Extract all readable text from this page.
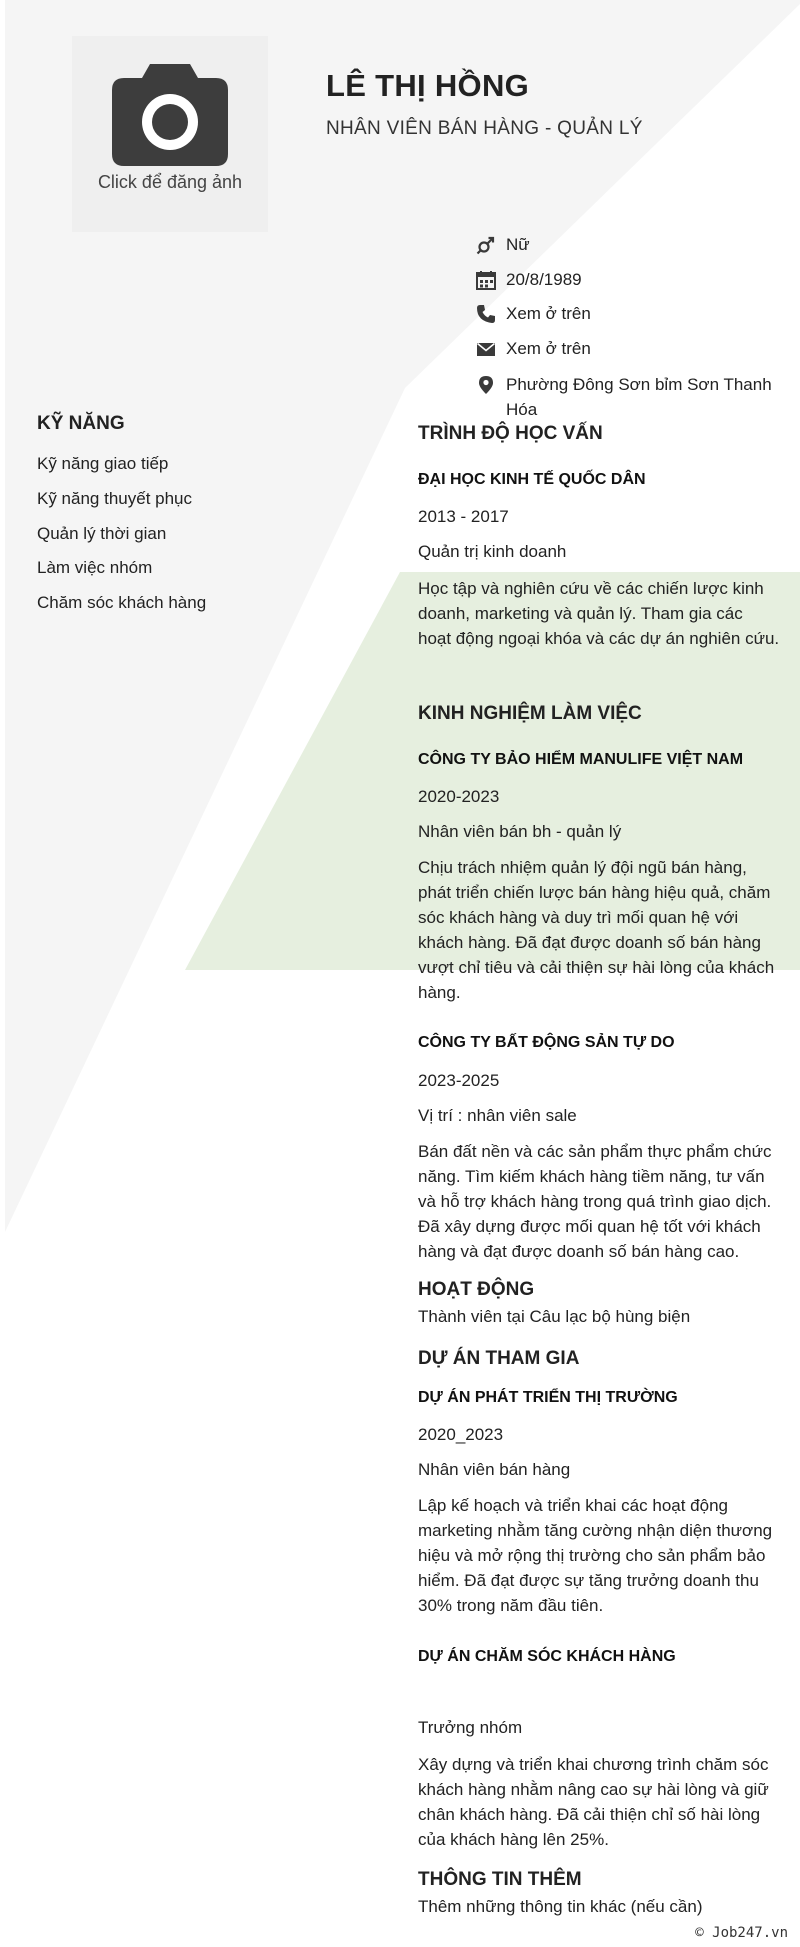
Click để đăng ảnh
LÊ THỊ HỒNG
NHÂN VIÊN BÁN HÀNG - QUẢN LÝ
Nữ
20/8/1989
Xem ở trên
Xem ở trên
Phường Đông Sơn bỉm Sơn Thanh Hóa
KỸ NĂNG
Kỹ năng giao tiếp
Kỹ năng thuyết phục
Quản lý thời gian
Làm việc nhóm
Chăm sóc khách hàng
TRÌNH ĐỘ HỌC VẤN
ĐẠI HỌC KINH TẾ QUỐC DÂN
2013 - 2017
Quản trị kinh doanh
Học tập và nghiên cứu về các chiến lược kinh doanh, marketing và quản lý. Tham gia các hoạt động ngoại khóa và các dự án nghiên cứu.
KINH NGHIỆM LÀM VIỆC
CÔNG TY BẢO HIỂM MANULIFE VIỆT NAM
2020-2023
Nhân viên bán bh - quản lý
Chịu trách nhiệm quản lý đội ngũ bán hàng, phát triển chiến lược bán hàng hiệu quả, chăm sóc khách hàng và duy trì mối quan hệ với khách hàng. Đã đạt được doanh số bán hàng vượt chỉ tiêu và cải thiện sự hài lòng của khách hàng.
CÔNG TY BẤT ĐỘNG SẢN TỰ DO
2023-2025
Vị trí : nhân viên sale
Bán đất nền và các sản phẩm thực phẩm chức năng. Tìm kiếm khách hàng tiềm năng, tư vấn và hỗ trợ khách hàng trong quá trình giao dịch. Đã xây dựng được mối quan hệ tốt với khách hàng và đạt được doanh số bán hàng cao.
HOẠT ĐỘNG
Thành viên tại Câu lạc bộ hùng biện
DỰ ÁN THAM GIA
DỰ ÁN PHÁT TRIỂN THỊ TRƯỜNG
2020_2023
Nhân viên bán hàng
Lập kế hoạch và triển khai các hoạt động marketing nhằm tăng cường nhận diện thương hiệu và mở rộng thị trường cho sản phẩm bảo hiểm. Đã đạt được sự tăng trưởng doanh thu 30% trong năm đầu tiên.
DỰ ÁN CHĂM SÓC KHÁCH HÀNG
Trưởng nhóm
Xây dựng và triển khai chương trình chăm sóc khách hàng nhằm nâng cao sự hài lòng và giữ chân khách hàng. Đã cải thiện chỉ số hài lòng của khách hàng lên 25%.
THÔNG TIN THÊM
Thêm những thông tin khác (nếu cần)
© Job247.vn
